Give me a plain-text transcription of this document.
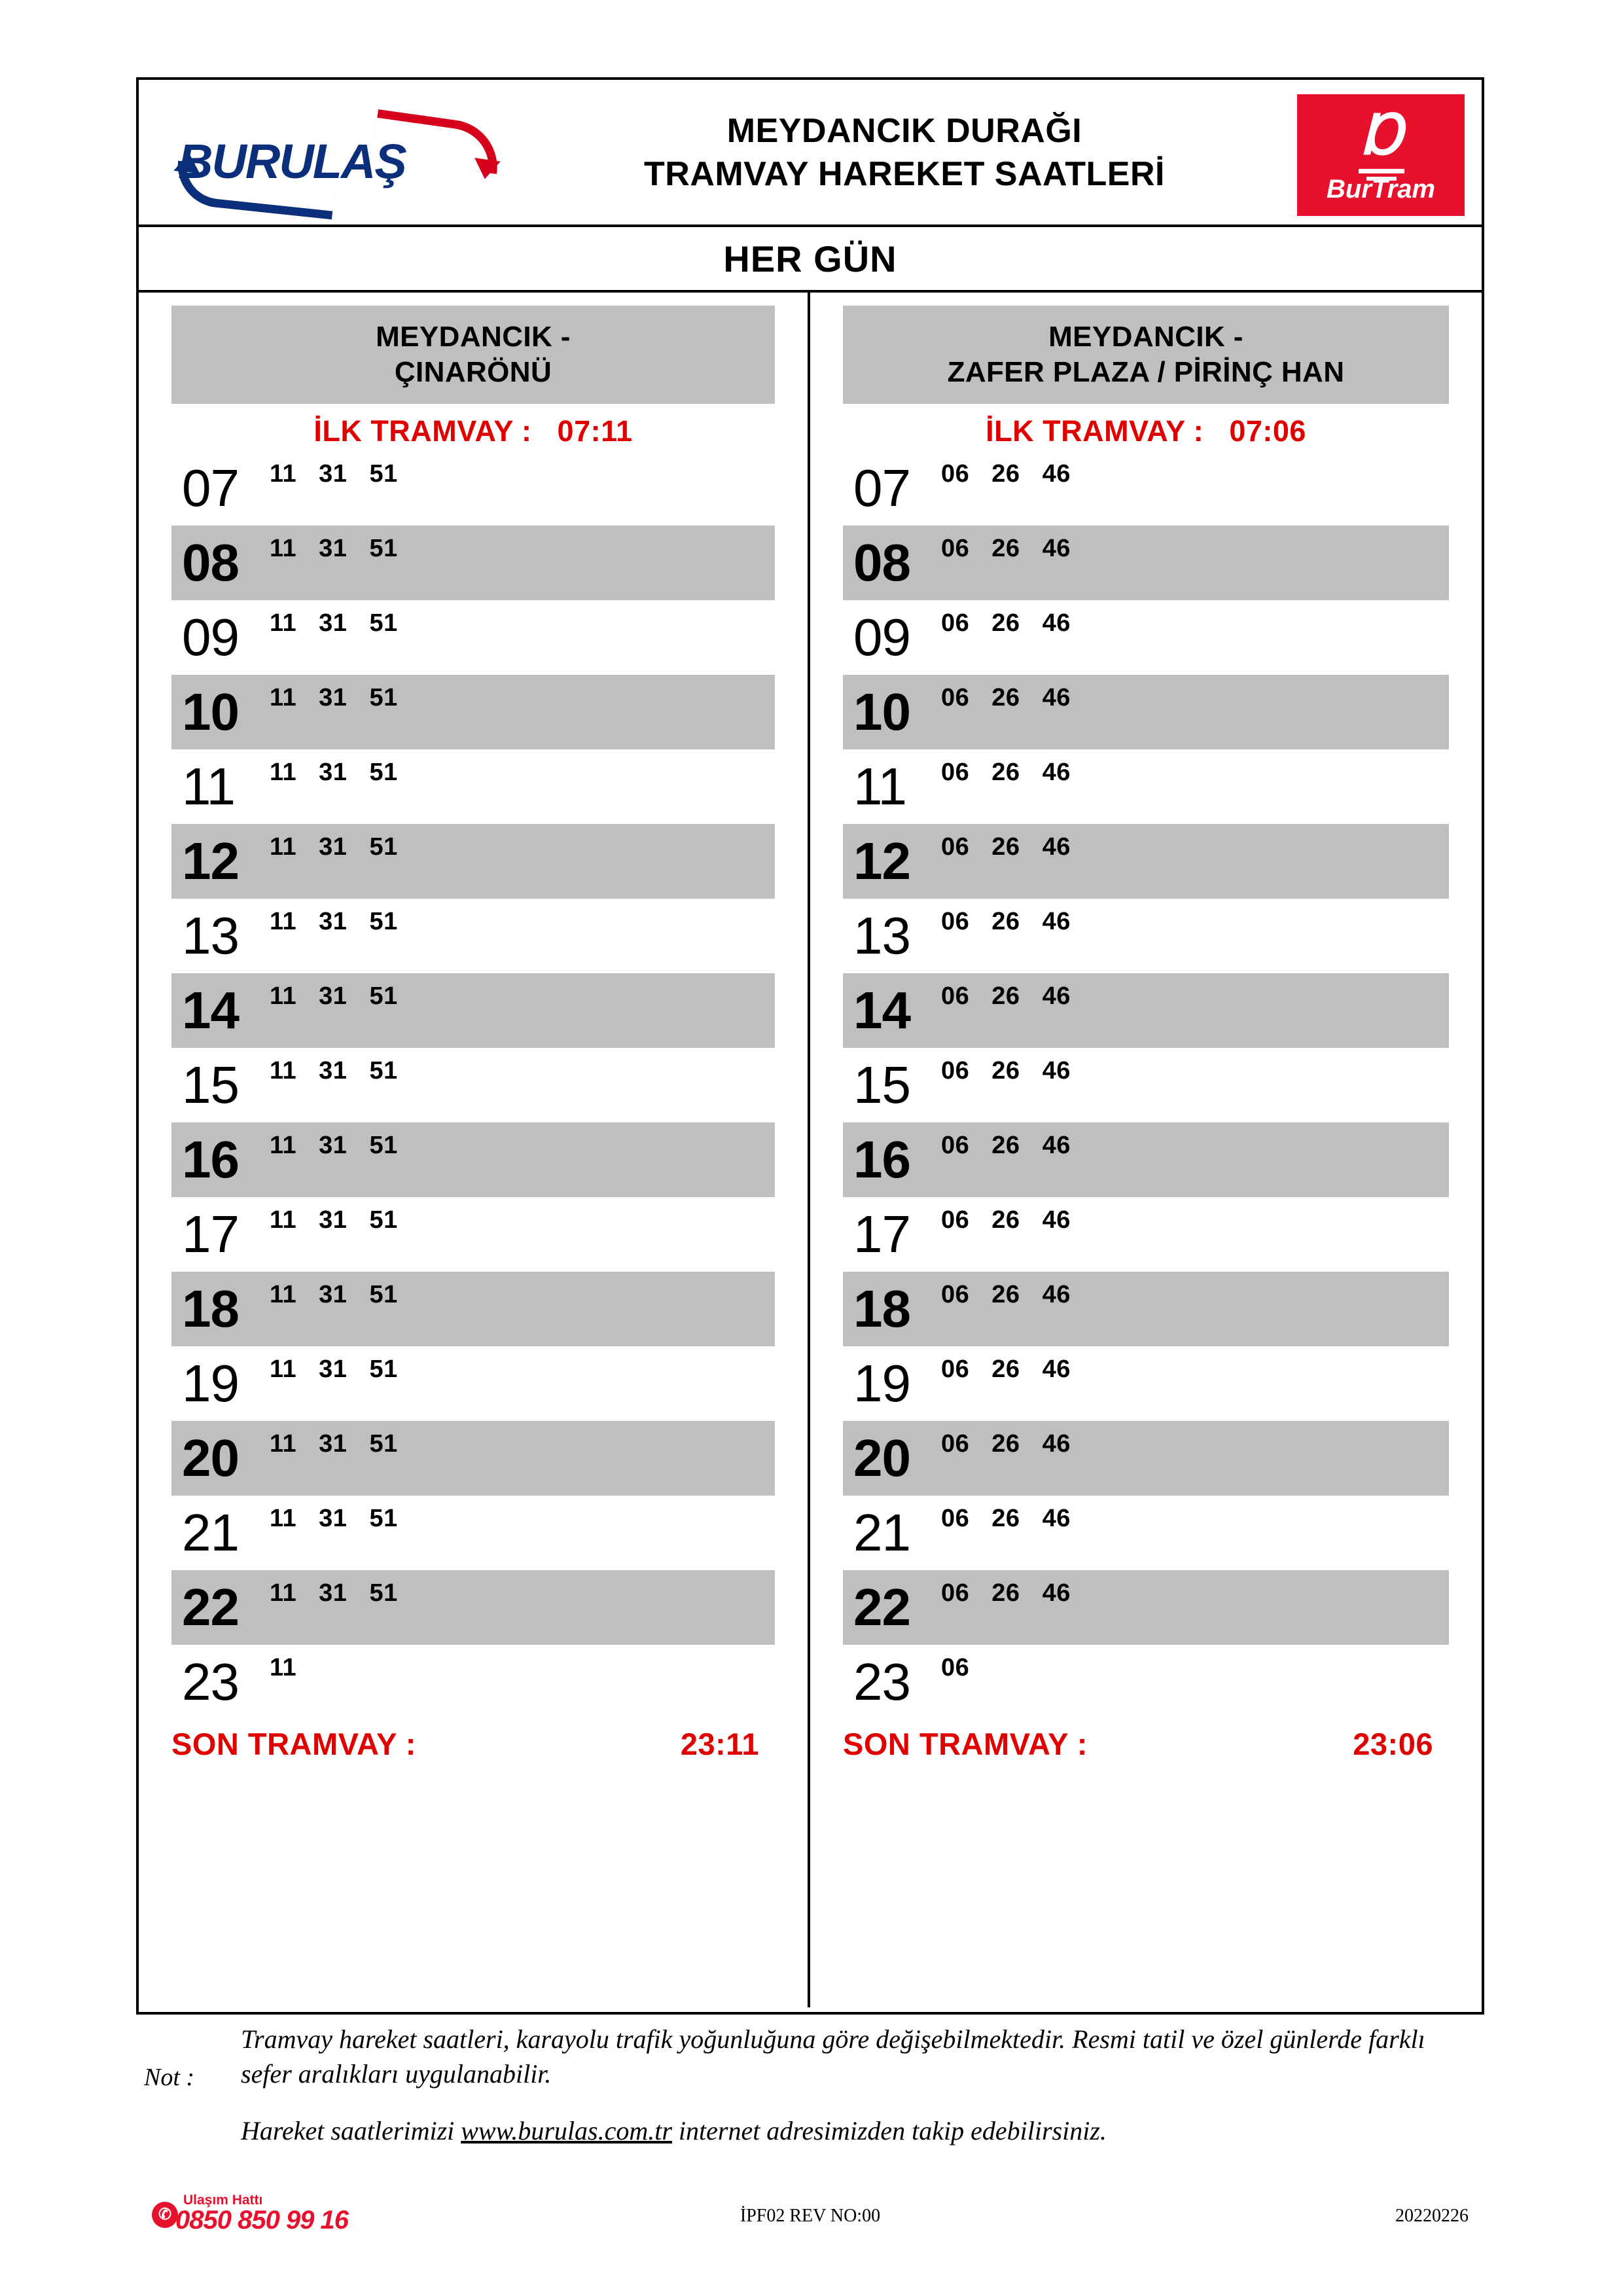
BURULAŞ
MEYDANCIK DURAĞI
TRAMVAY HAREKET SAATLERİ
Ɒ
BurTram
HER GÜN
MEYDANCIK -
ÇINARÖNÜ
İLK TRAMVAY : 07:11
07	11 31 51
08	11 31 51
09	11 31 51
10	11 31 51
11	11 31 51
12	11 31 51
13	11 31 51
14	11 31 51
15	11 31 51
16	11 31 51
17	11 31 51
18	11 31 51
19	11 31 51
20	11 31 51
21	11 31 51
22	11 31 51
23	11
SON TRAMVAY :	23:11
MEYDANCIK -
ZAFER PLAZA / PİRİNÇ HAN
İLK TRAMVAY : 07:06
07	06 26 46
08	06 26 46
09	06 26 46
10	06 26 46
11	06 26 46
12	06 26 46
13	06 26 46
14	06 26 46
15	06 26 46
16	06 26 46
17	06 26 46
18	06 26 46
19	06 26 46
20	06 26 46
21	06 26 46
22	06 26 46
23	06
SON TRAMVAY :	23:06
Not :

Tramvay hareket saatleri, karayolu trafik yoğunluğuna göre değişebilmektedir. Resmi tatil ve özel günlerde farklı sefer aralıkları uygulanabilir.

Hareket saatlerimizi www.burulas.com.tr internet adresimizden takip edebilirsiniz.

✆
Ulaşım Hattı
0850 850 99 16	İPF02 REV NO:00	20220226
